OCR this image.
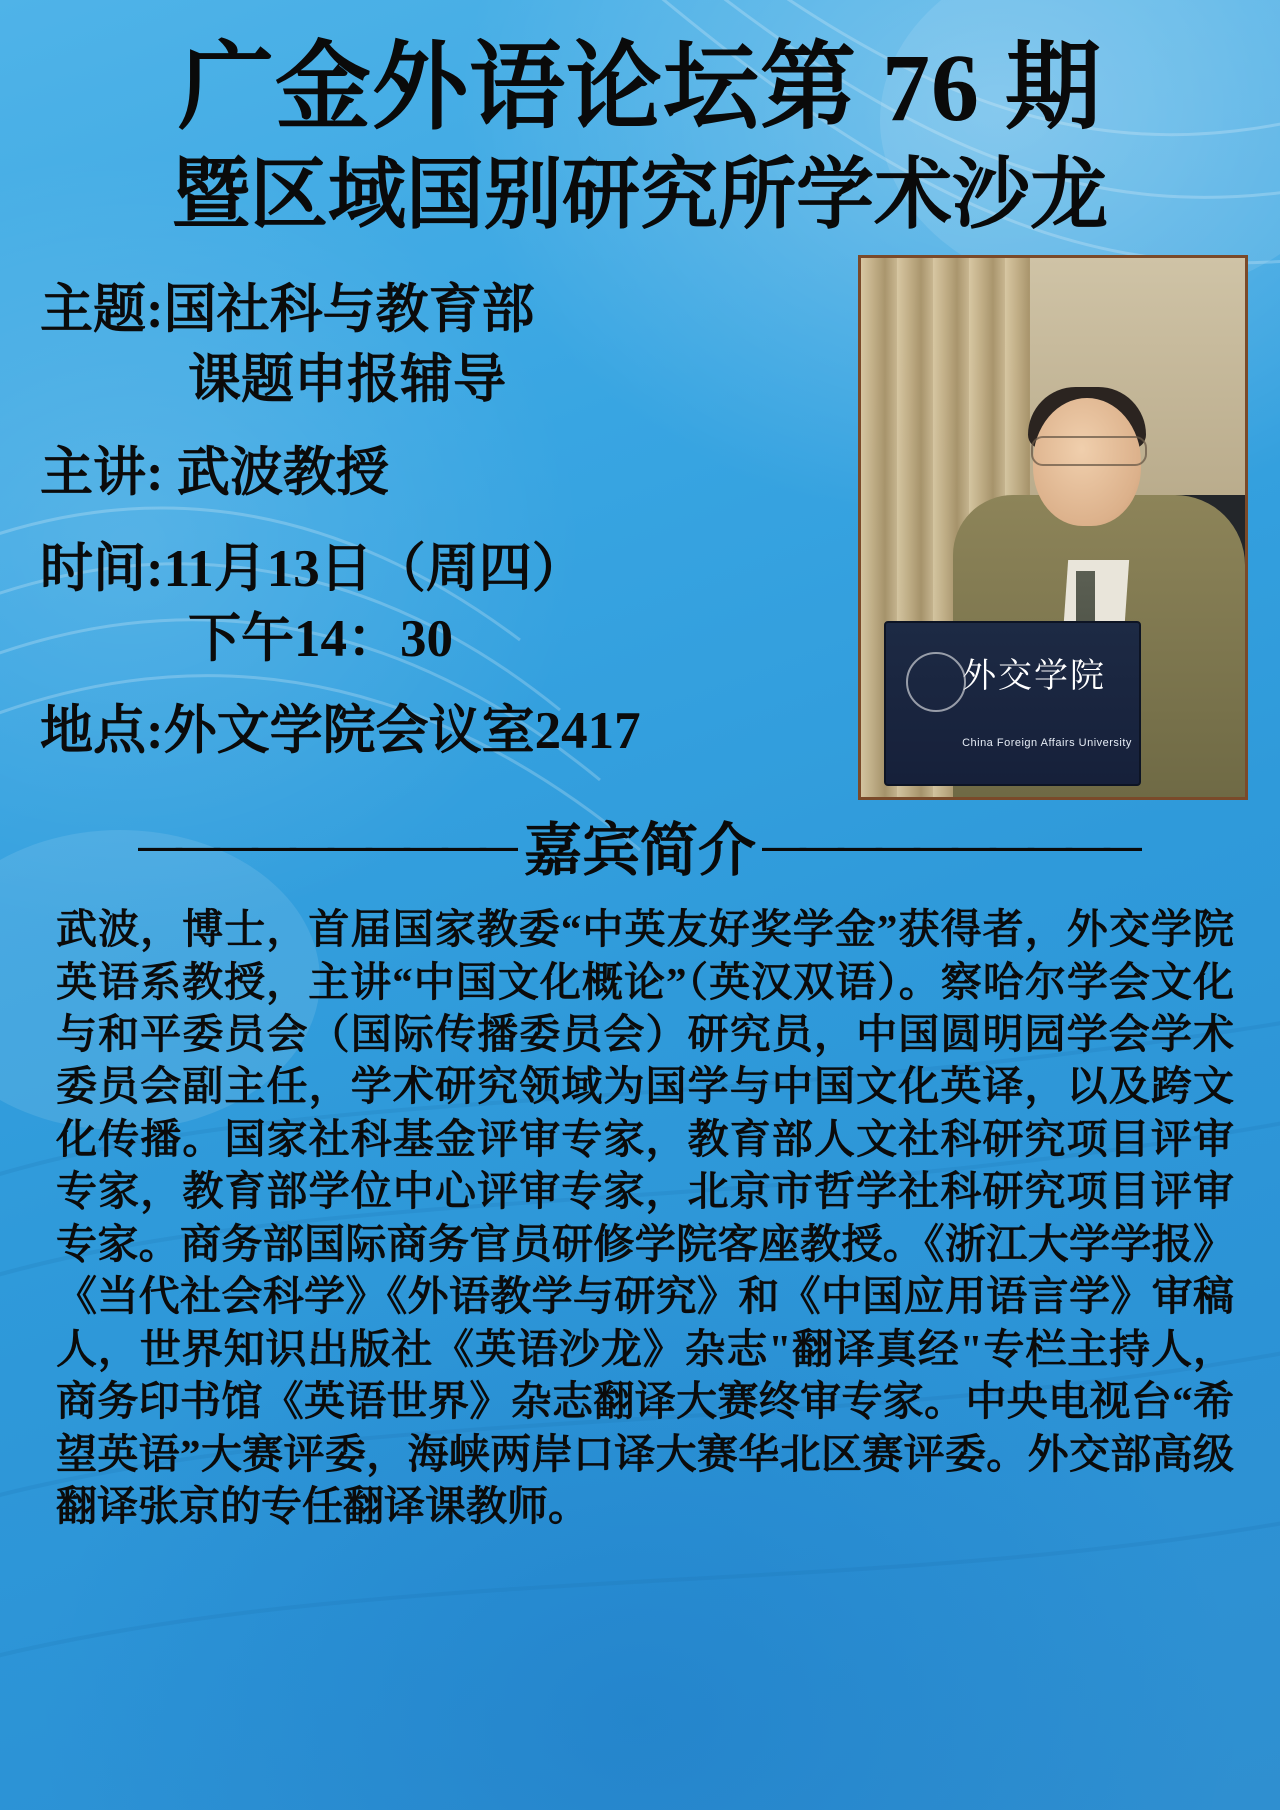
广金外语论坛第 76 期
暨区域国别研究所学术沙龙
外交学院
China Foreign Affairs University
主题:国社科与教育部
课题申报辅导
主讲: 武波教授
时间:11月13日（周四）
下午14：30
地点:外文学院会议室2417
—————————— 嘉宾简介 ——————————
武波，博士，首届国家教委“中英友好奖学金”获得者，外交学院英语系教授，主讲“中国文化概论”（英汉双语）。察哈尔学会文化与和平委员会（国际传播委员会）研究员，中国圆明园学会学术委员会副主任，学术研究领域为国学与中国文化英译，以及跨文化传播。国家社科基金评审专家，教育部人文社科研究项目评审专家，教育部学位中心评审专家，北京市哲学社科研究项目评审专家。商务部国际商务官员研修学院客座教授。《浙江大学学报》《当代社会科学》《外语教学与研究》和《中国应用语言学》审稿人，世界知识出版社《英语沙龙》杂志"翻译真经"专栏主持人，商务印书馆《英语世界》杂志翻译大赛终审专家。中央电视台“希望英语”大赛评委，海峡两岸口译大赛华北区赛评委。外交部高级翻译张京的专任翻译课教师。
